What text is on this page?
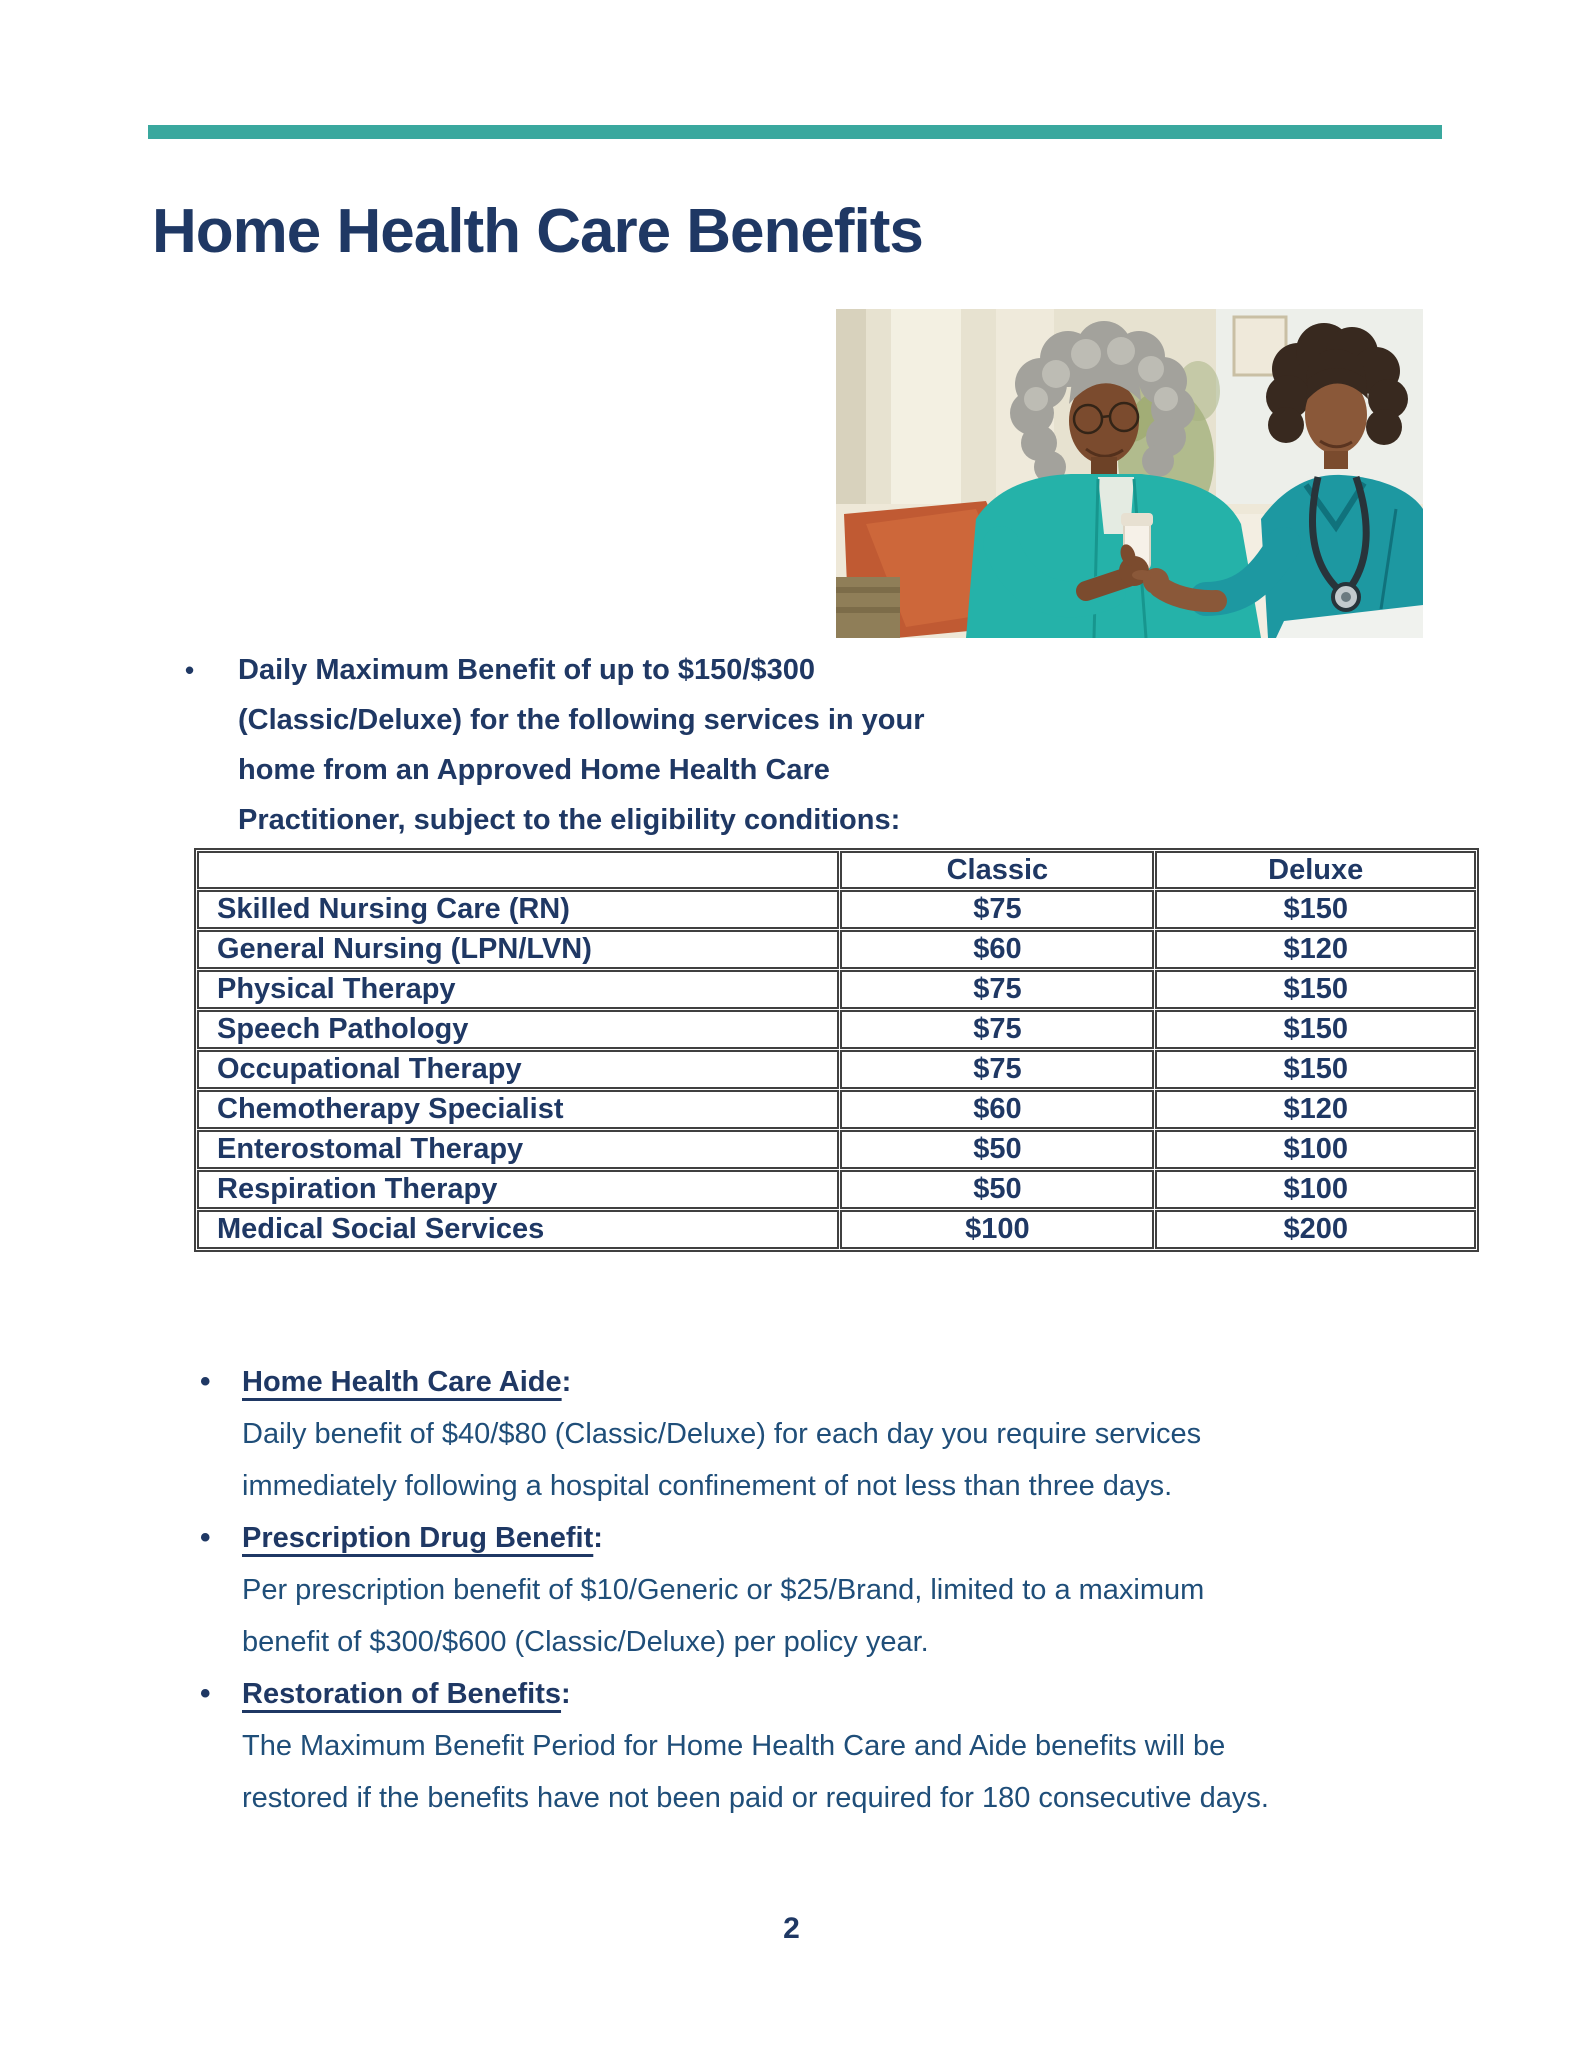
Home Health Care Benefits
•	Daily Maximum Benefit of up to $150/$300
(Classic/Deluxe) for the following services in your
home from an Approved Home Health Care
Practitioner, subject to the eligibility conditions:
	Classic	Deluxe
Skilled Nursing Care (RN)	$75	$150
General Nursing (LPN/LVN)	$60	$120
Physical Therapy	$75	$150
Speech Pathology	$75	$150
Occupational Therapy	$75	$150
Chemotherapy Specialist	$60	$120
Enterostomal Therapy	$50	$100
Respiration Therapy	$50	$100
Medical Social Services	$100	$200
•	Home Health Care Aide:
Daily benefit of $40/$80 (Classic/Deluxe) for each day you require services
immediately following a hospital confinement of not less than three days.
•	Prescription Drug Benefit:
Per prescription benefit of $10/Generic or $25/Brand, limited to a maximum
benefit of $300/$600 (Classic/Deluxe) per policy year.
•	Restoration of Benefits:
The Maximum Benefit Period for Home Health Care and Aide benefits will be
restored if the benefits have not been paid or required for 180 consecutive days.
2
